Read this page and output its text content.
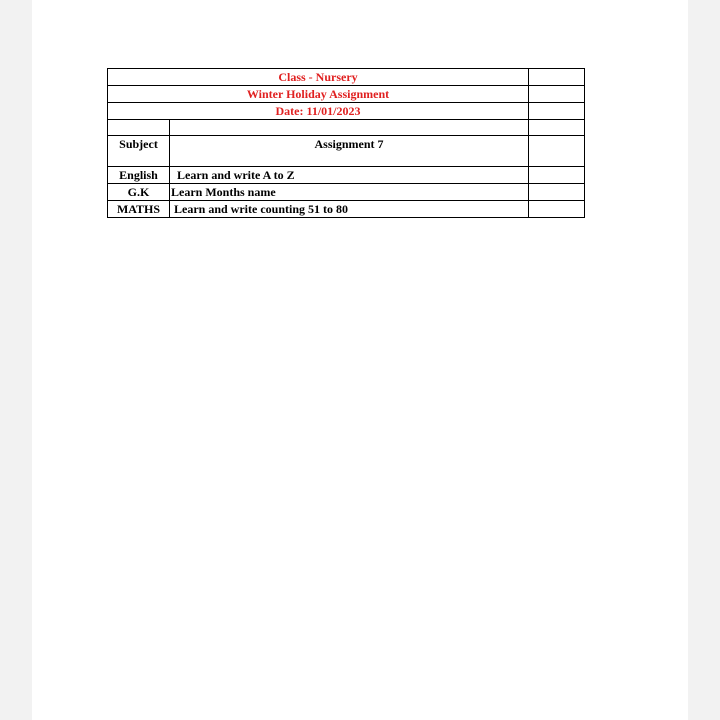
Class - Nursery		
Winter Holiday Assignment		
Date: 11/01/2023		

Subject	Assignment 7	
English	Learn and write A to Z	
G.K	Learn Months name	
MATHS	Learn and write counting 51 to 80	
